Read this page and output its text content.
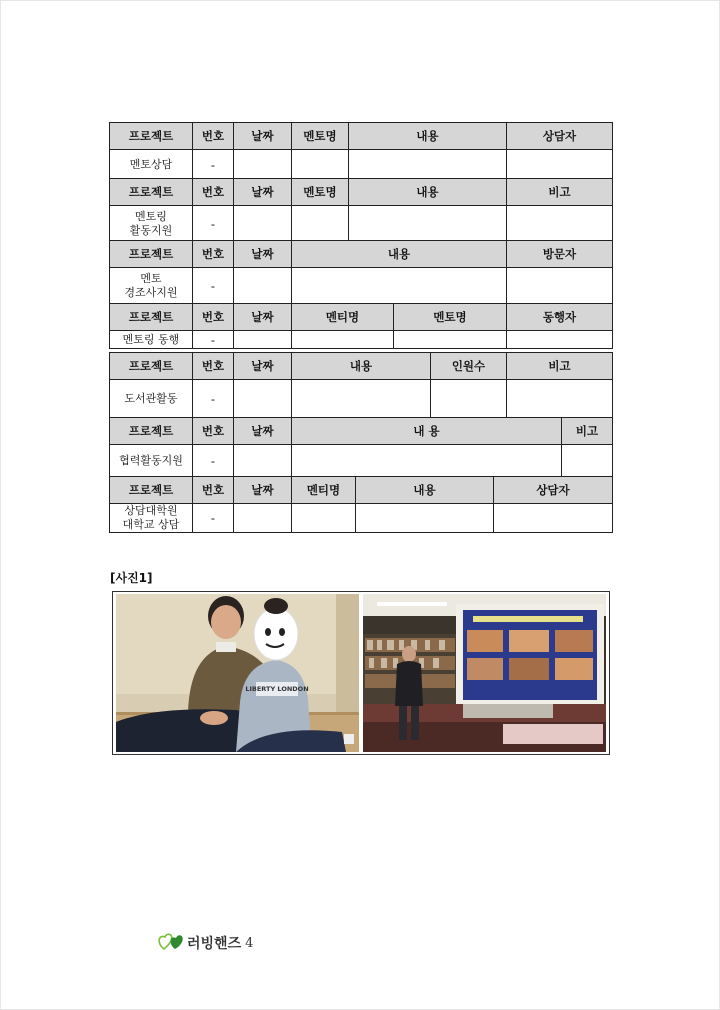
프로젝트	번호	날짜	멘토명	내용	상담자
멘토상담	-				
프로젝트	번호	날짜	멘토명	내용	비고
멘토링
활동지원	-				
프로젝트	번호	날짜	내용	방문자
멘토
경조사지원	-			
프로젝트	번호	날짜	멘티명	멘토명	동행자
멘토링 동행	-				
프로젝트	번호	날짜	내용	인원수	비고
도서관활동	-				
프로젝트	번호	날짜	내 용	비고
협력활동지원	-			
프로젝트	번호	날짜	멘티명	내용	상담자
상담대학원
대학교 상담	-				
[사진1]
LIBERTY LONDON
러빙핸즈 4
